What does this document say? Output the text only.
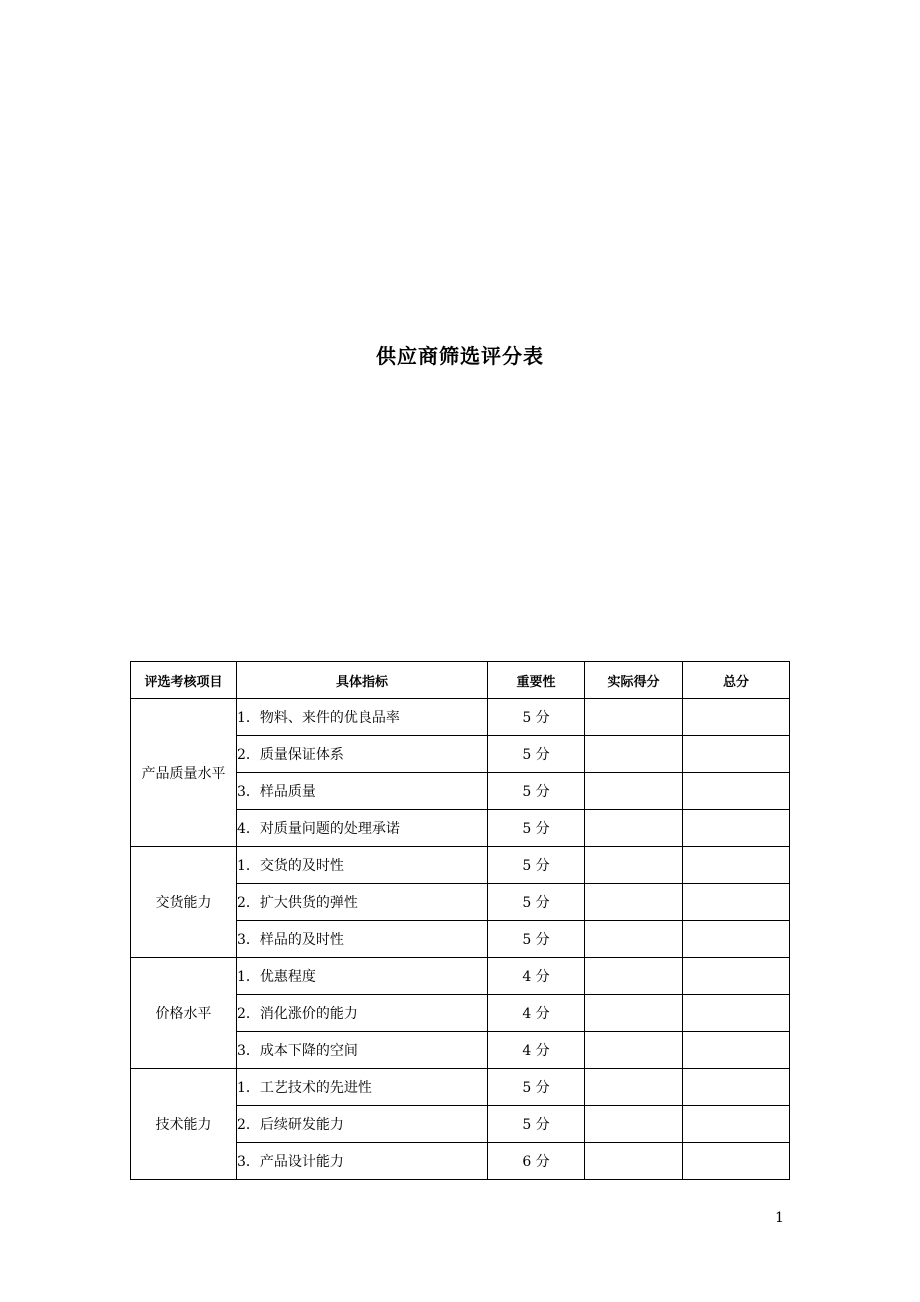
供应商筛选评分表
评选考核项目	具体指标	重要性	实际得分	总分
产品质量水平	1．物料、来件的优良品率	5 分		
	2．质量保证体系	5 分		
	3．样品质量	5 分		
	4．对质量问题的处理承诺	5 分		
交货能力	1．交货的及时性	5 分		
	2．扩大供货的弹性	5 分		
	3．样品的及时性	5 分		
价格水平	1．优惠程度	4 分		
	2．消化涨价的能力	4 分		
	3．成本下降的空间	4 分		
技术能力	1．工艺技术的先进性	5 分		
	2．后续研发能力	5 分		
	3．产品设计能力	6 分		
1
